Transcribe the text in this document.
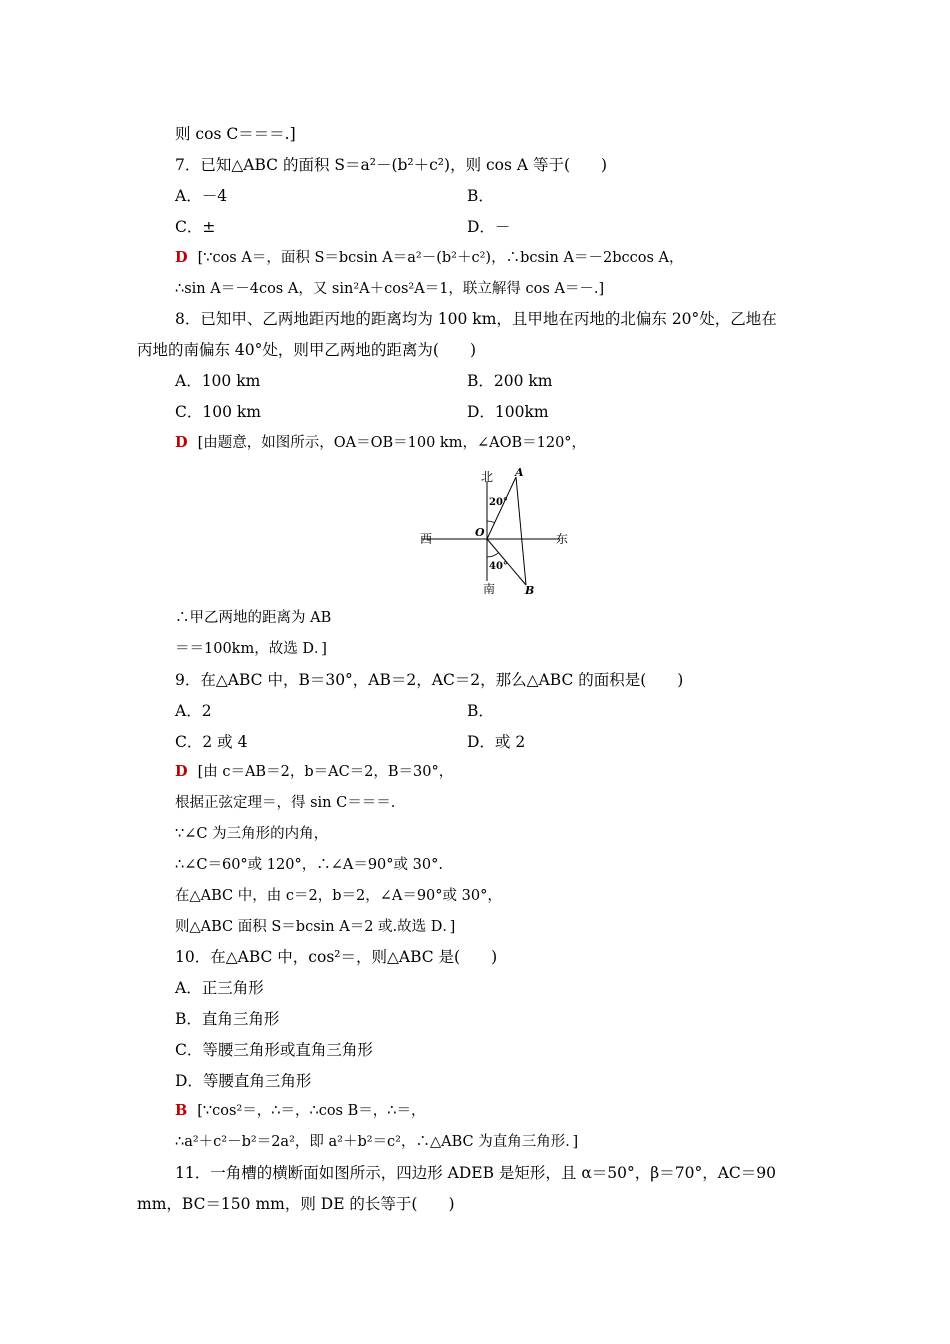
则 cos C＝＝＝.]
7．已知△ABC 的面积 S＝a²－(b²＋c²)，则 cos A 等于(　　)
A．－4	B．
C．±	D．－
D [∵cos A＝，面积 S＝bcsin A＝a²－(b²＋c²)，∴bcsin A＝－2bccos A，
∴sin A＝－4cos A，又 sin²A＋cos²A＝1，联立解得 cos A＝－.]
8．已知甲、乙两地距丙地的距离均为 100 km，且甲地在丙地的北偏东 20°处，乙地在
丙地的南偏东 40°处，则甲乙两地的距离为(　　)
A．100 km	B．200 km
C．100 km	D．100km
D [由题意，如图所示，OA＝OB＝100 km，∠AOB＝120°，
北
南
西	东
O
A
B
20°
40°
∴甲乙两地的距离为 AB
＝＝100km，故选 D．]
9．在△ABC 中，B＝30°，AB＝2，AC＝2，那么△ABC 的面积是(　　)
A．2	B．
C．2 或 4	D．或 2
D [由 c＝AB＝2，b＝AC＝2，B＝30°，
根据正弦定理＝，得 sin C＝＝＝.
∵∠C 为三角形的内角，
∴∠C＝60°或 120°，∴∠A＝90°或 30°.
在△ABC 中，由 c＝2，b＝2，∠A＝90°或 30°，
则△ABC 面积 S＝bcsin A＝2 或.故选 D．]
10．在△ABC 中，cos²＝，则△ABC 是(　　)
A．正三角形
B．直角三角形
C．等腰三角形或直角三角形
D．等腰直角三角形
B [∵cos²＝，∴＝，∴cos B＝，∴＝，
∴a²＋c²－b²＝2a²，即 a²＋b²＝c²，∴△ABC 为直角三角形．]
11．一角槽的横断面如图所示，四边形 ADEB 是矩形，且 α＝50°，β＝70°，AC＝90
mm，BC＝150 mm，则 DE 的长等于(　　)
